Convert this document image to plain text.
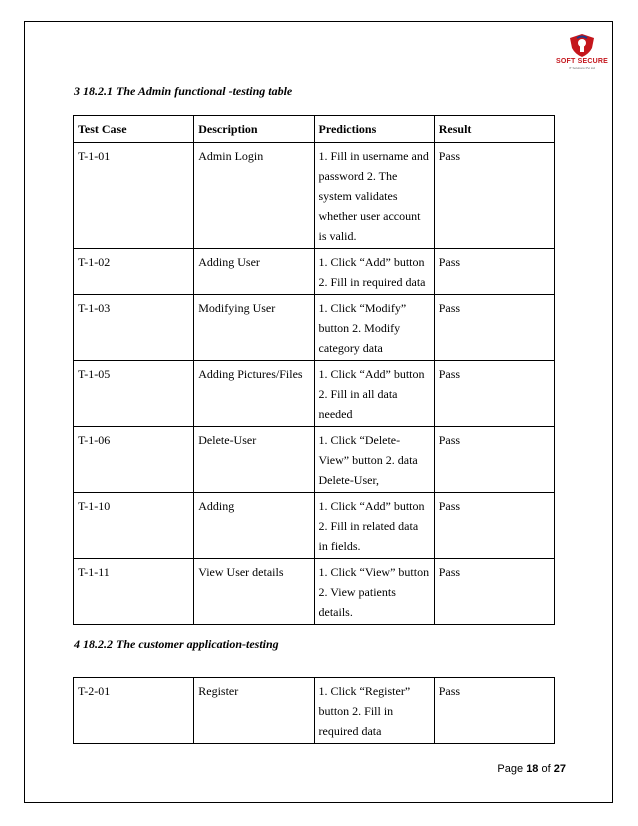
SOFT SECURE
IT Solutions Pvt Ltd
3 18.2.1 The Admin functional -testing table
Test Case	Description	Predictions	Result
T-1-01	Admin Login	1. Fill in username and password 2. The system validates whether user account is valid.	Pass
T-1-02	Adding User	1. Click “Add” button 2. Fill in required data	Pass
T-1-03	Modifying User	1. Click “Modify” button 2. Modify category data	Pass
T-1-05	Adding Pictures/Files	1. Click “Add” button 2. Fill in all data needed	Pass
T-1-06	Delete-User	1. Click “Delete-View” button 2. data Delete-User,	Pass
T-1-10	Adding	1. Click “Add” button 2. Fill in related data in fields.	Pass
T-1-11	View User details	1. Click “View” button 2. View patients details.	Pass
4 18.2.2 The customer application-testing
T-2-01	Register	1. Click “Register” button 2. Fill in required data	Pass
Page 18 of 27
